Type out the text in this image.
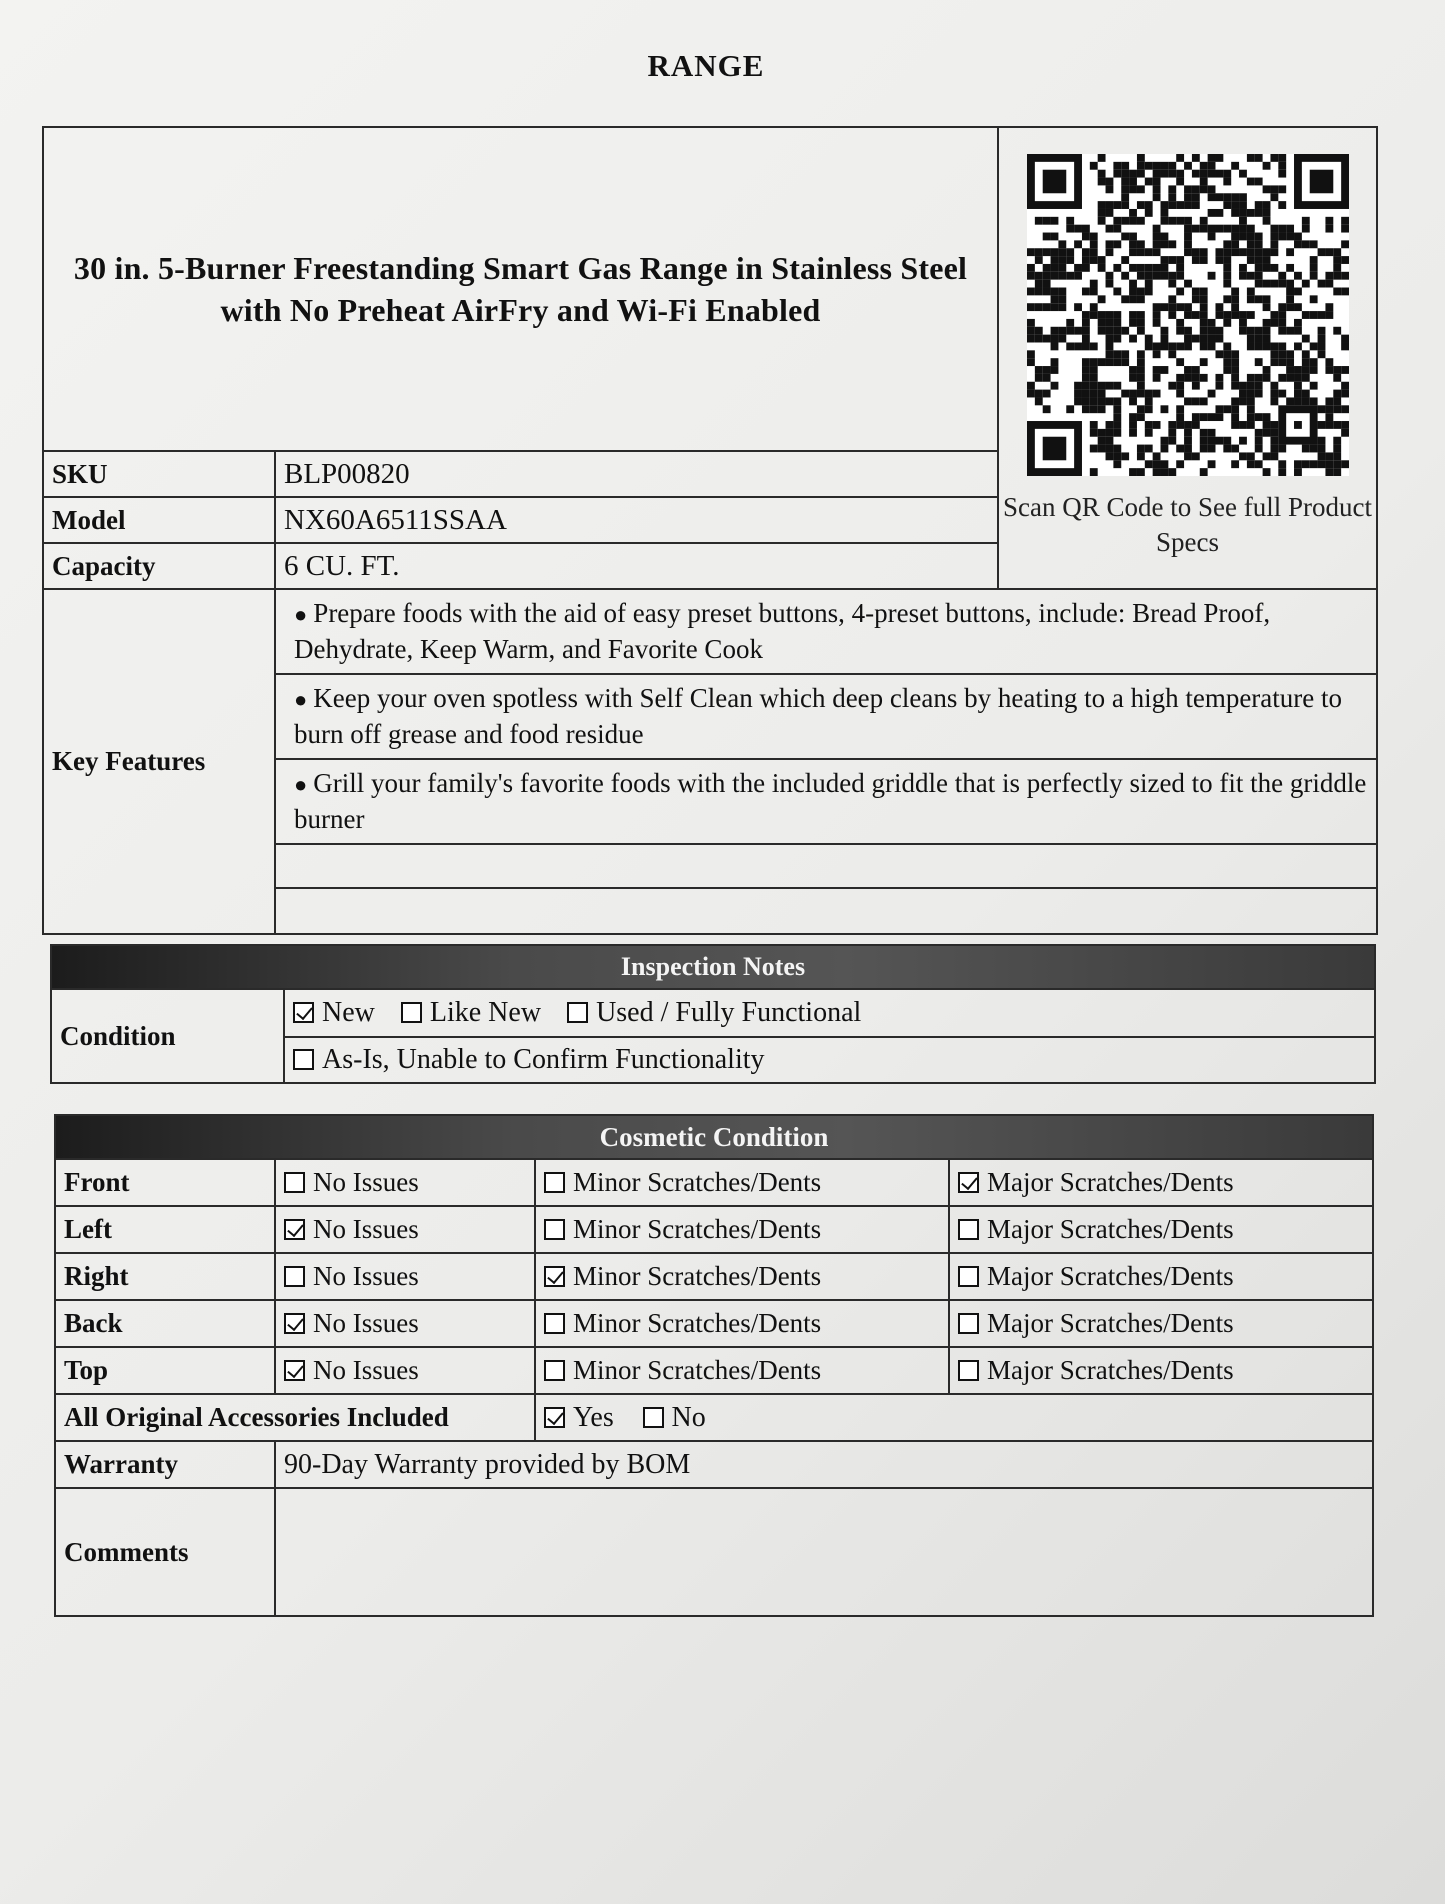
RANGE
30 in. 5-Burner Freestanding Smart Gas Range in Stainless Steel with No Preheat AirFry and Wi-Fi Enabled		Scan QR Code to See full Product Specs

SKU	BLP00820	
Model	NX60A6511SSAA	
Capacity	6 CU. FT.	
Key Features	● Prepare foods with the aid of easy preset buttons, 4-preset buttons, include: Bread Proof, Dehydrate, Keep Warm, and Favorite Cook	
	● Keep your oven spotless with Self Clean which deep cleans by heating to a high temperature to burn off grease and food residue	
	● Grill your family's favorite foods with the included griddle that is perfectly sized to fit the griddle burner	

Inspection Notes
Condition	New Like New Used / Fully Functional
As-Is, Unable to Confirm Functionality
Cosmetic Condition			
Front	No Issues	Minor Scratches/Dents	Major Scratches/Dents
Left	No Issues	Minor Scratches/Dents	Major Scratches/Dents
Right	No Issues	Minor Scratches/Dents	Major Scratches/Dents
Back	No Issues	Minor Scratches/Dents	Major Scratches/Dents
Top	No Issues	Minor Scratches/Dents	Major Scratches/Dents
All Original Accessories Included		Yes No	
Warranty	90-Day Warranty provided by BOM		
Comments			
